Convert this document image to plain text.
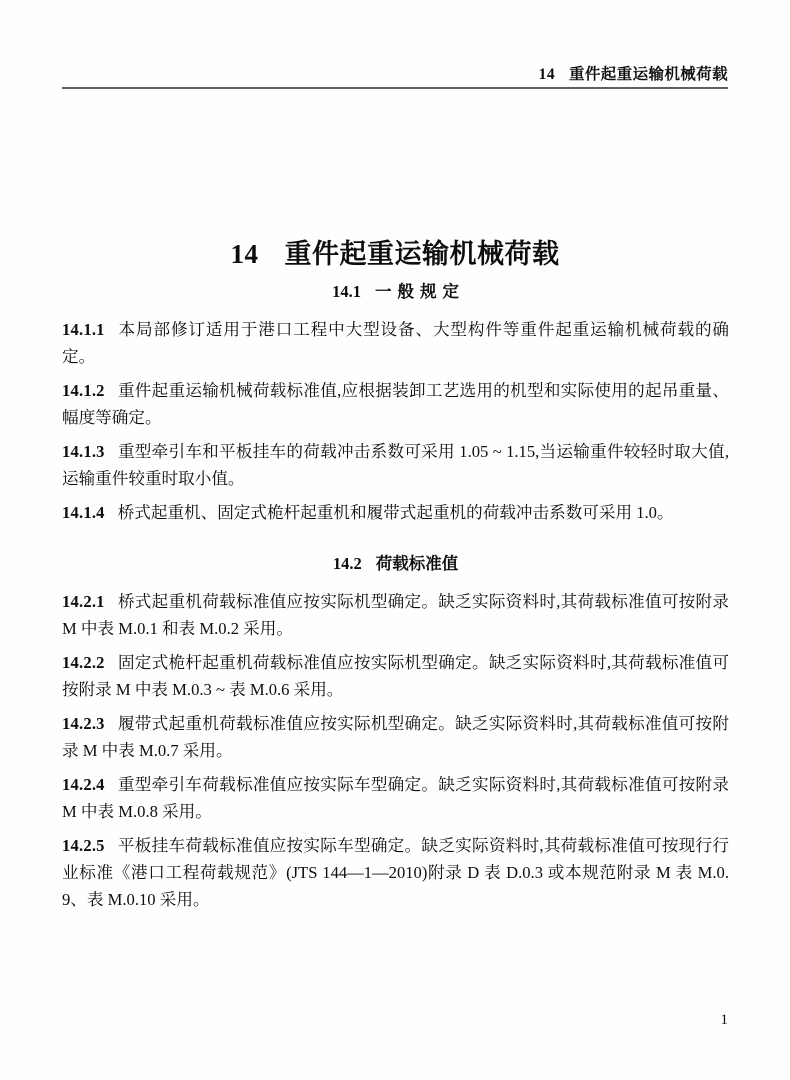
14 重件起重运输机械荷载
14 重件起重运输机械荷载
14.1 一般规定

14.1.1 本局部修订适用于港口工程中大型设备、大型构件等重件起重运输机械荷载的确定。

14.1.2 重件起重运输机械荷载标准值,应根据装卸工艺选用的机型和实际使用的起吊重量、幅度等确定。

14.1.3 重型牵引车和平板挂车的荷载冲击系数可采用 1.05 ~ 1.15,当运输重件较轻时取大值,运输重件较重时取小值。

14.1.4 桥式起重机、固定式桅杆起重机和履带式起重机的荷载冲击系数可采用 1.0。

14.2 荷载标准值

14.2.1 桥式起重机荷载标准值应按实际机型确定。缺乏实际资料时,其荷载标准值可按附录 M 中表 M.0.1 和表 M.0.2 采用。

14.2.2 固定式桅杆起重机荷载标准值应按实际机型确定。缺乏实际资料时,其荷载标准值可按附录 M 中表 M.0.3 ~ 表 M.0.6 采用。

14.2.3 履带式起重机荷载标准值应按实际机型确定。缺乏实际资料时,其荷载标准值可按附录 M 中表 M.0.7 采用。

14.2.4 重型牵引车荷载标准值应按实际车型确定。缺乏实际资料时,其荷载标准值可按附录 M 中表 M.0.8 采用。

14.2.5 平板挂车荷载标准值应按实际车型确定。缺乏实际资料时,其荷载标准值可按现行行业标准《港口工程荷载规范》(JTS 144—1—2010)附录 D 表 D.0.3 或本规范附录 M 表 M.0.9、表 M.0.10 采用。

1
